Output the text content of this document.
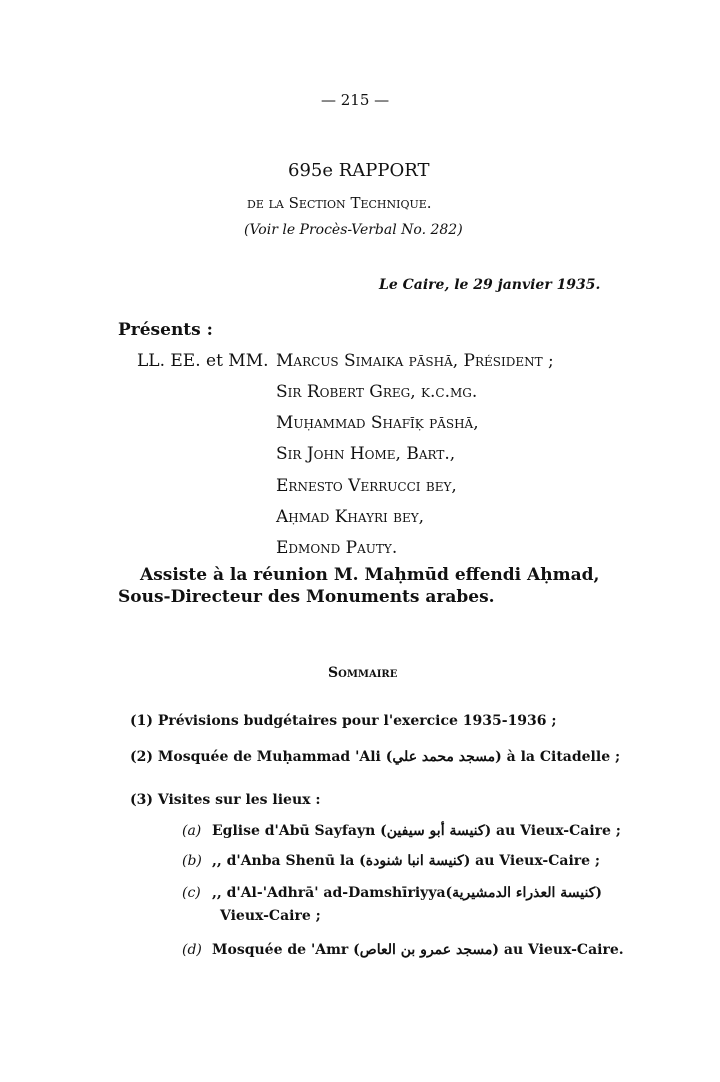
— 215 —
695e RAPPORT
de la Section Technique.
(Voir le Procès-Verbal No. 282)
Le Caire, le 29 janvier 1935.
Présents :
LL. EE. et MM. Marcus Simaika pāshā, Président ;
Sir Robert Greg, k.c.mg.
Muḥammad Shafīḳ pāshā,
Sir John Home, Bart.,
Ernesto Verrucci bey,
Aḥmad Khayri bey,
Edmond Pauty.
Assiste à la réunion M. Maḥmūd effendi Aḥmad,
Sous-Directeur des Monuments arabes.
Sommaire
(1) Prévisions budgétaires pour l'exercice 1935-1936 ;
(2) Mosquée de Muḥammad 'Ali (مسجد محمد علي) à la Citadelle ;
(3) Visites sur les lieux :
(a) Eglise d'Abū Sayfayn (كنيسة أبو سيفين) au Vieux-Caire ;
(b) ,, d'Anba Shenū la (كنيسة انبا شنودة) au Vieux-Caire ;
(c) ,, d'Al-'Adhrā' ad-Damshīriyya(كنيسة العذراء الدمشيرية)
Vieux-Caire ;
(d) Mosquée de 'Amr (مسجد عمرو بن العاص) au Vieux-Caire.
